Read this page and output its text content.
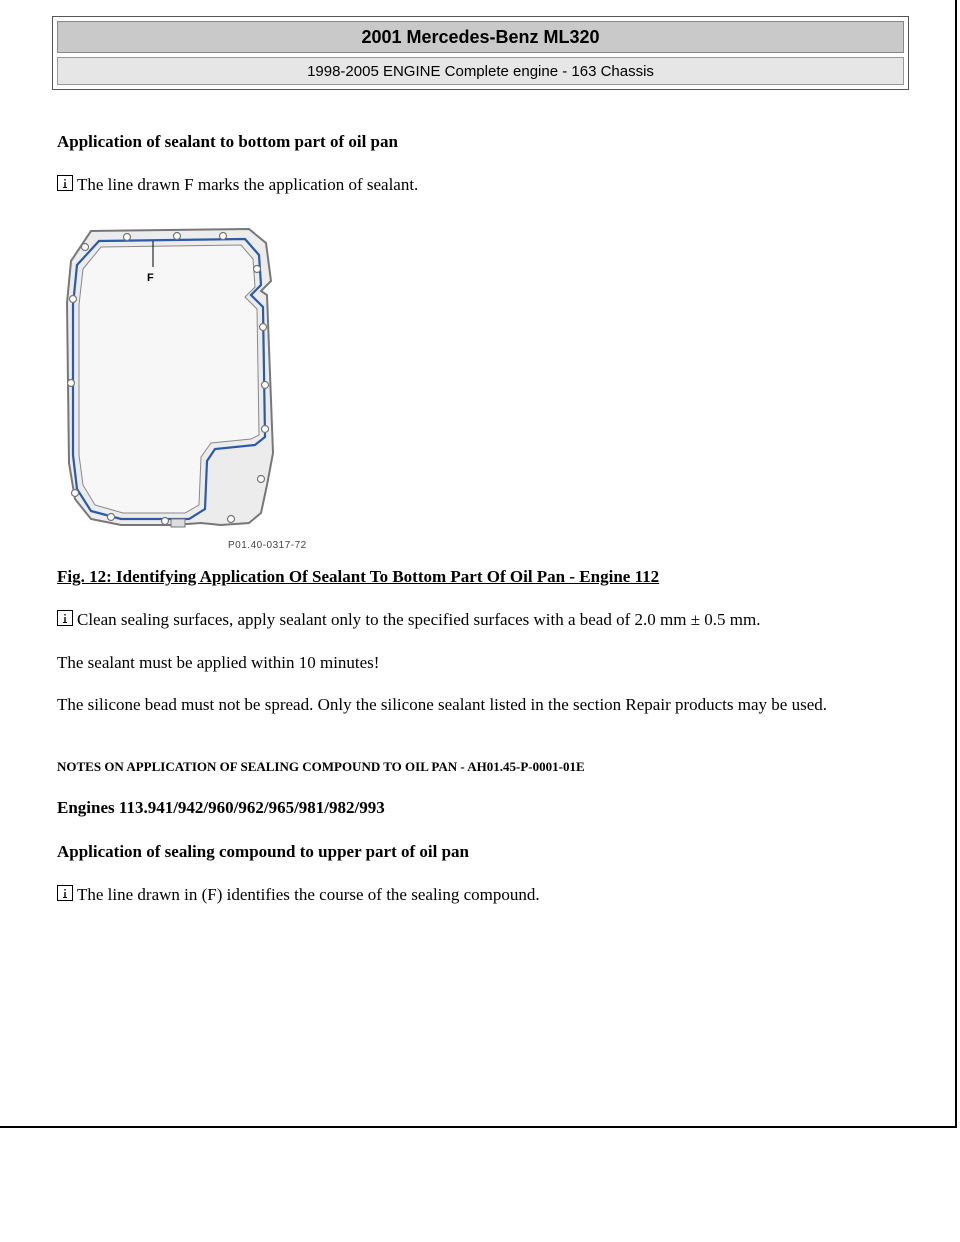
2001 Mercedes-Benz ML320
1998-2005 ENGINE Complete engine - 163 Chassis
Application of sealant to bottom part of oil pan
The line drawn F marks the application of sealant.
F
P01.40-0317-72
Fig. 12: Identifying Application Of Sealant To Bottom Part Of Oil Pan - Engine 112
Clean sealing surfaces, apply sealant only to the specified surfaces with a bead of 2.0 mm ± 0.5 mm.
The sealant must be applied within 10 minutes!
The silicone bead must not be spread. Only the silicone sealant listed in the section Repair products may be used.
NOTES ON APPLICATION OF SEALING COMPOUND TO OIL PAN - AH01.45-P-0001-01E
Engines 113.941/942/960/962/965/981/982/993
Application of sealing compound to upper part of oil pan
The line drawn in (F) identifies the course of the sealing compound.
